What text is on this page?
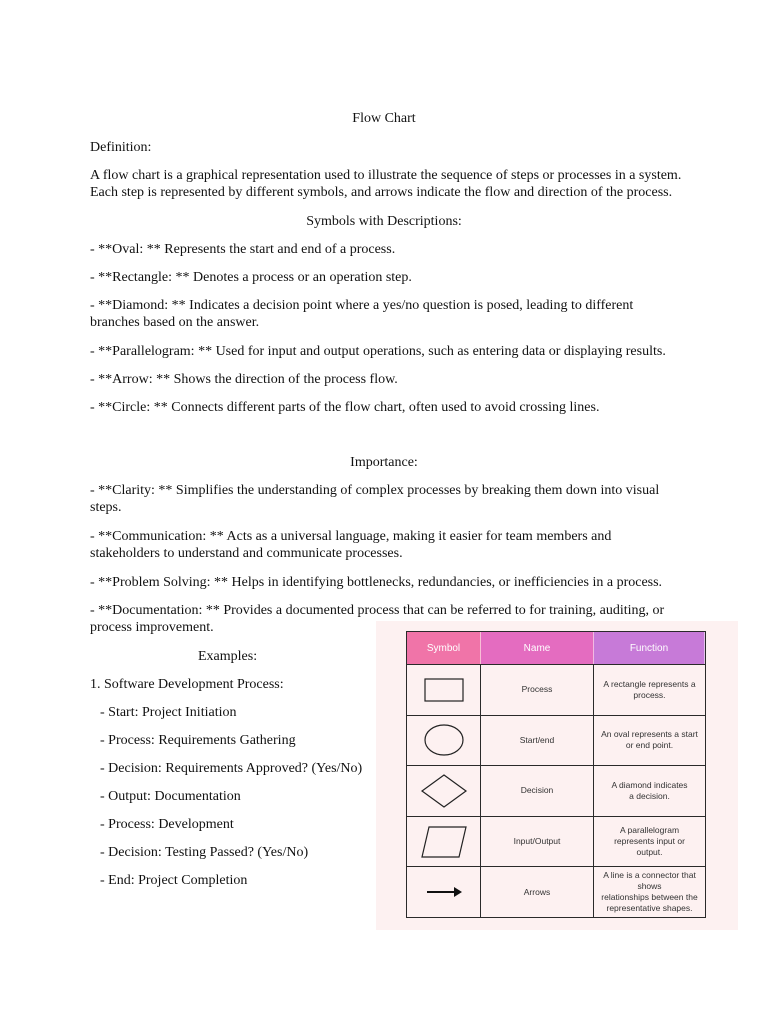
Flow Chart
Definition:
A flow chart is a graphical representation used to illustrate the sequence of steps or processes in a system.
Each step is represented by different symbols, and arrows indicate the flow and direction of the process.
Symbols with Descriptions:
- **Oval: ** Represents the start and end of a process.
- **Rectangle: ** Denotes a process or an operation step.
- **Diamond: ** Indicates a decision point where a yes/no question is posed, leading to different
branches based on the answer.
- **Parallelogram: ** Used for input and output operations, such as entering data or displaying results.
- **Arrow: ** Shows the direction of the process flow.
- **Circle: ** Connects different parts of the flow chart, often used to avoid crossing lines.
Importance:
- **Clarity: ** Simplifies the understanding of complex processes by breaking them down into visual
steps.
- **Communication: ** Acts as a universal language, making it easier for team members and
stakeholders to understand and communicate processes.
- **Problem Solving: ** Helps in identifying bottlenecks, redundancies, or inefficiencies in a process.
- **Documentation: ** Provides a documented process that can be referred to for training, auditing, or
process improvement.
Examples:
1. Software Development Process:
- Start: Project Initiation
- Process: Requirements Gathering
- Decision: Requirements Approved? (Yes/No)
- Output: Documentation
- Process: Development
- Decision: Testing Passed? (Yes/No)
- End: Project Completion
Symbol	Name	Function
Process
A rectangle represents a
process.
Start/end
An oval represents a start
or end point.
Decision
A diamond indicates
a decision.
Input/Output
A parallelogram
represents input or output.
Arrows
A line is a connector that shows
relationships between the
representative shapes.
